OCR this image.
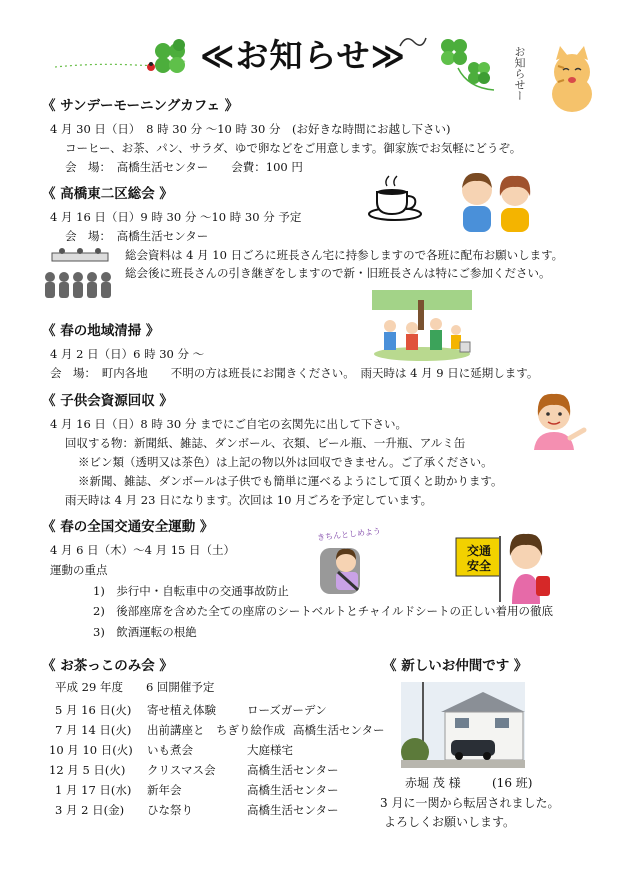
≪お知らせ≫	お知らせー
《 サンデーモーニングカフェ 》
4 月 30 日（日）　8 時 30 分 ～10 時 30 分　(お好きな時間にお越し下さい)
コーヒー、お茶、パン、サラダ、ゆで卵などをご用意します。御家族でお気軽にどうぞ。
会　場：　高橋生活センター　　会費：100 円
《 高橋東二区総会 》
4 月 16 日（日）9 時 30 分 ～10 時 30 分 予定
会　場：　高橋生活センター
総会資料は 4 月 10 日ごろに班長さん宅に持参しますので各班に配布お願いします。
総会後に班長さんの引き継ぎをしますので新・旧班長さんは特にご参加ください。
《 春の地域清掃 》
4 月 2 日（日）6 時 30 分 ～
会　場：　町内各地　　不明の方は班長にお聞きください。　雨天時は 4 月 9 日に延期します。
《 子供会資源回収 》
4 月 16 日（日）8 時 30 分 までにご自宅の玄関先に出して下さい。
回収する物：新聞紙、雑誌、ダンボール、衣類、ビール瓶、一升瓶、アルミ缶
※ビン類（透明又は茶色）は上記の物以外は回収できません。ご了承ください。
※新聞、雑誌、ダンボールは子供でも簡単に運べるようにして頂くと助かります。
雨天時は 4 月 23 日になります。次回は 10 月ごろを予定しています。
《 春の全国交通安全運動 》
4 月 6 日（木）～4 月 15 日（土）
運動の重点
1)　歩行中・自転車中の交通事故防止
2)　後部座席を含めた全ての座席のシートベルトとチャイルドシートの正しい着用の徹底
3)　飲酒運転の根絶
きちんとしめよう
交通安全
《 お茶っこのみ会 》
平成 29 年度　　6 回開催予定
5 月 16 日(火) 寄せ植え体験	ローズガーデン
7 月 14 日(火) 出前講座と　ちぎり絵作成 高橋生活センター
10 月 10 日(火) いも煮会	大庭様宅
12 月 5 日(火) クリスマス会	高橋生活センター
1 月 17 日(水) 新年会	高橋生活センター
3 月 2 日(金) ひな祭り	高橋生活センター
《 新しいお仲間です 》
赤堀 茂 様	(16 班)
3 月に一関から転居されました。
よろしくお願いします。
